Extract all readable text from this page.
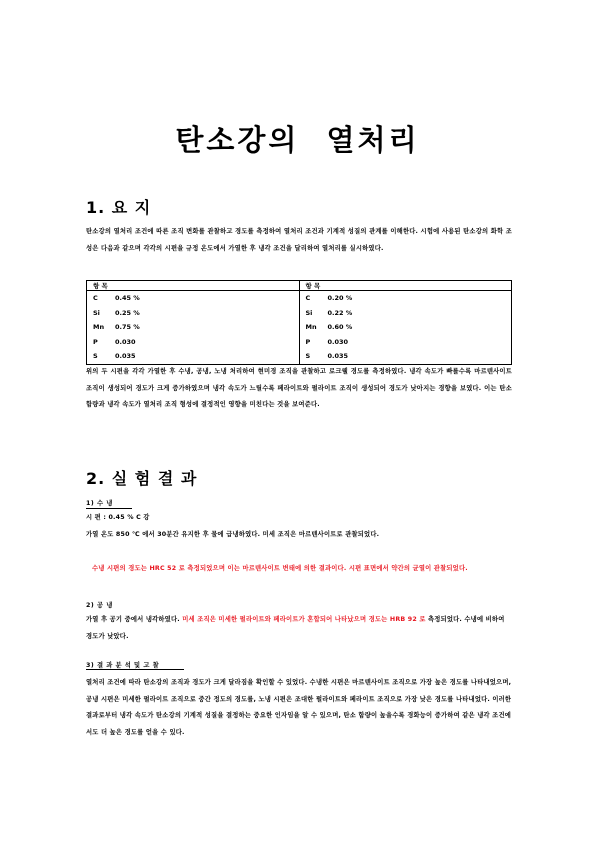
탄소강의 열처리
1. 요 지
탄소강의 열처리 조건에 따른 조직 변화를 관찰하고 경도를 측정하여 열처리 조건과 기계적 성질의 관계를 이해한다. 시험에 사용된 탄소강의 화학 조성은 다음과 같으며 각각의 시편을 규정 온도에서 가열한 후 냉각 조건을 달리하여 열처리를 실시하였다.
항 목	항 목
C 0.45 %	C 0.20 %
Si 0.25 %	Si 0.22 %
Mn 0.75 %	Mn 0.60 %
P 0.030	P 0.030
S 0.035	S 0.035
위의 두 시편을 각각 가열한 후 수냉, 공냉, 노냉 처리하여 현미경 조직을 관찰하고 로크웰 경도를 측정하였다. 냉각 속도가 빠를수록 마르텐사이트 조직이 생성되어 경도가 크게 증가하였으며 냉각 속도가 느릴수록 페라이트와 펄라이트 조직이 생성되어 경도가 낮아지는 경향을 보였다. 이는 탄소 함량과 냉각 속도가 열처리 조직 형성에 결정적인 영향을 미친다는 것을 보여준다.
2. 실 험 결 과
1) 수 냉
시 편 : 0.45 % C 강
가열 온도 850 ℃ 에서 30분간 유지한 후 물에 급냉하였다. 미세 조직은 마르텐사이트로 관찰되었다.
수냉 시편의 경도는 HRC 52 로 측정되었으며 이는 마르텐사이트 변태에 의한 결과이다. 시편 표면에서 약간의 균열이 관찰되었다.
2) 공 냉
가열 후 공기 중에서 냉각하였다. 미세 조직은 미세한 펄라이트와 페라이트가 혼합되어 나타났으며 경도는 HRB 92 로 측정되었다. 수냉에 비하여 경도가 낮았다.
3) 결 과 분 석 및 고 찰
열처리 조건에 따라 탄소강의 조직과 경도가 크게 달라짐을 확인할 수 있었다. 수냉한 시편은 마르텐사이트 조직으로 가장 높은 경도를 나타내었으며, 공냉 시편은 미세한 펄라이트 조직으로 중간 정도의 경도를, 노냉 시편은 조대한 펄라이트와 페라이트 조직으로 가장 낮은 경도를 나타내었다. 이러한 결과로부터 냉각 속도가 탄소강의 기계적 성질을 결정하는 중요한 인자임을 알 수 있으며, 탄소 함량이 높을수록 경화능이 증가하여 같은 냉각 조건에서도 더 높은 경도를 얻을 수 있다.
